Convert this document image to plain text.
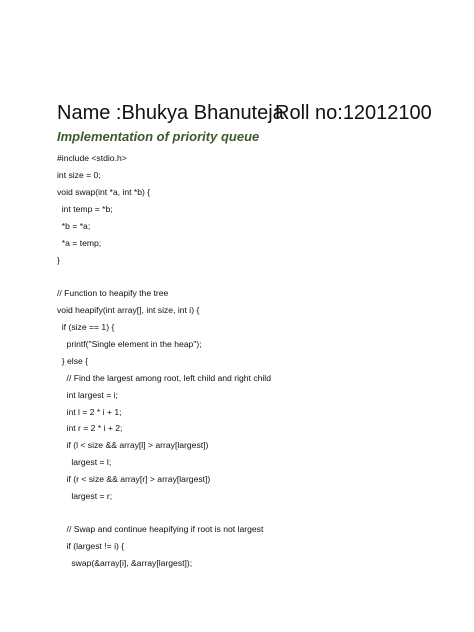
Name :Bhukya Bhanuteja
Roll no:12012100
Implementation of priority queue
#include <stdio.h>
int size = 0;
void swap(int *a, int *b) {
int temp = *b;
*b = *a;
*a = temp;
}
// Function to heapify the tree
void heapify(int array[], int size, int i) {
if (size == 1) {
printf("Single element in the heap");
} else {
// Find the largest among root, left child and right child
int largest = i;
int l = 2 * i + 1;
int r = 2 * i + 2;
if (l < size && array[l] > array[largest])
largest = l;
if (r < size && array[r] > array[largest])
largest = r;
// Swap and continue heapifying if root is not largest
if (largest != i) {
swap(&array[i], &array[largest]);
